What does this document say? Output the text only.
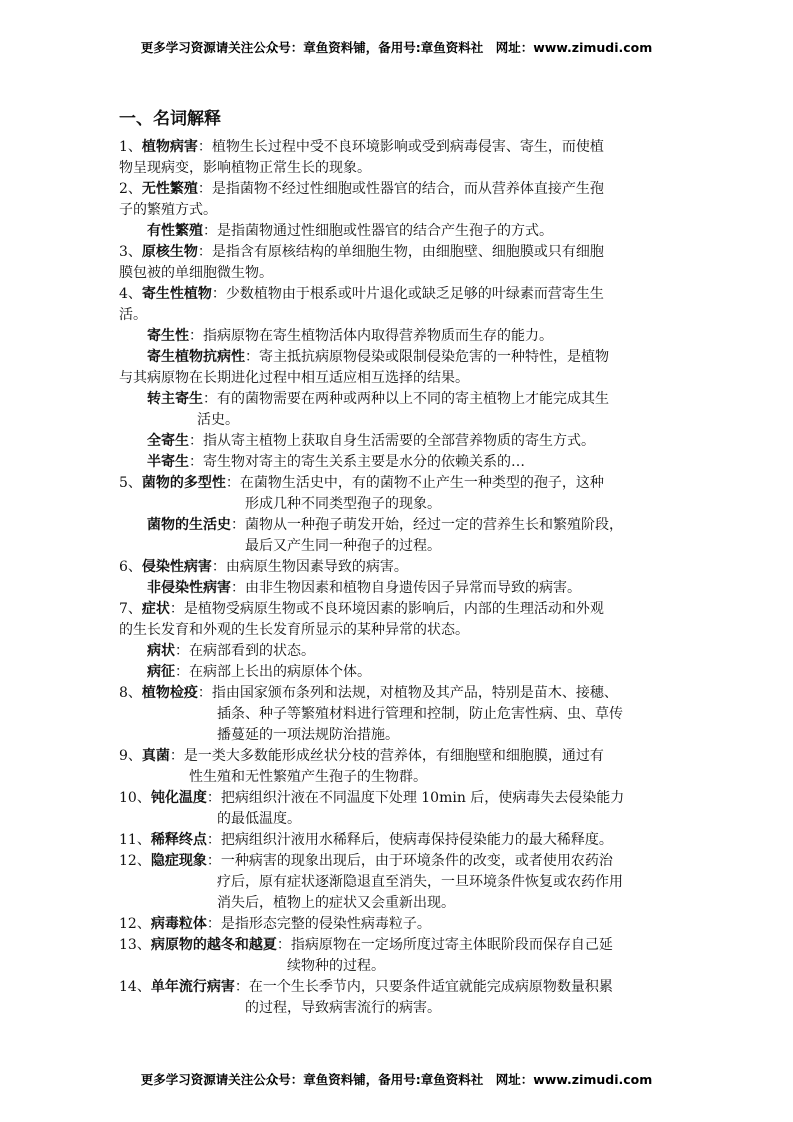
更多学习资源请关注公众号：章鱼资料铺，备用号:章鱼资料社　网址：www.zimudi.com
一、名词解释
1、植物病害：植物生长过程中受不良环境影响或受到病毒侵害、寄生，而使植
物呈现病变，影响植物正常生长的现象。
2、无性繁殖：是指菌物不经过性细胞或性器官的结合，而从营养体直接产生孢
子的繁殖方式。
有性繁殖：是指菌物通过性细胞或性器官的结合产生孢子的方式。
3、原核生物：是指含有原核结构的单细胞生物，由细胞壁、细胞膜或只有细胞
膜包被的单细胞微生物。
4、寄生性植物：少数植物由于根系或叶片退化或缺乏足够的叶绿素而营寄生生
活。
寄生性：指病原物在寄生植物活体内取得营养物质而生存的能力。
寄生植物抗病性：寄主抵抗病原物侵染或限制侵染危害的一种特性，是植物
与其病原物在长期进化过程中相互适应相互选择的结果。
转主寄生：有的菌物需要在两种或两种以上不同的寄主植物上才能完成其生
活史。
全寄生：指从寄主植物上获取自身生活需要的全部营养物质的寄生方式。
半寄生：寄生物对寄主的寄生关系主要是水分的依赖关系的…
5、菌物的多型性：在菌物生活史中，有的菌物不止产生一种类型的孢子，这种
形成几种不同类型孢子的现象。
菌物的生活史：菌物从一种孢子萌发开始，经过一定的营养生长和繁殖阶段，
最后又产生同一种孢子的过程。
6、侵染性病害：由病原生物因素导致的病害。
非侵染性病害：由非生物因素和植物自身遗传因子异常而导致的病害。
7、症状：是植物受病原生物或不良环境因素的影响后，内部的生理活动和外观
的生长发育和外观的生长发育所显示的某种异常的状态。
病状：在病部看到的状态。
病征：在病部上长出的病原体个体。
8、植物检疫：指由国家颁布条列和法规，对植物及其产品，特别是苗木、接穗、
插条、种子等繁殖材料进行管理和控制，防止危害性病、虫、草传
播蔓延的一项法规防治措施。
9、真菌：是一类大多数能形成丝状分枝的营养体，有细胞壁和细胞膜，通过有
性生殖和无性繁殖产生孢子的生物群。
10、钝化温度：把病组织汁液在不同温度下处理 10min 后，使病毒失去侵染能力
的最低温度。
11、稀释终点：把病组织汁液用水稀释后，使病毒保持侵染能力的最大稀释度。
12、隐症现象：一种病害的现象出现后，由于环境条件的改变，或者使用农药治
疗后，原有症状逐渐隐退直至消失，一旦环境条件恢复或农药作用
消失后，植物上的症状又会重新出现。
12、病毒粒体：是指形态完整的侵染性病毒粒子。
13、病原物的越冬和越夏：指病原物在一定场所度过寄主体眠阶段而保存自己延
续物种的过程。
14、单年流行病害：在一个生长季节内，只要条件适宜就能完成病原物数量积累
的过程，导致病害流行的病害。
更多学习资源请关注公众号：章鱼资料铺，备用号:章鱼资料社　网址：www.zimudi.com
